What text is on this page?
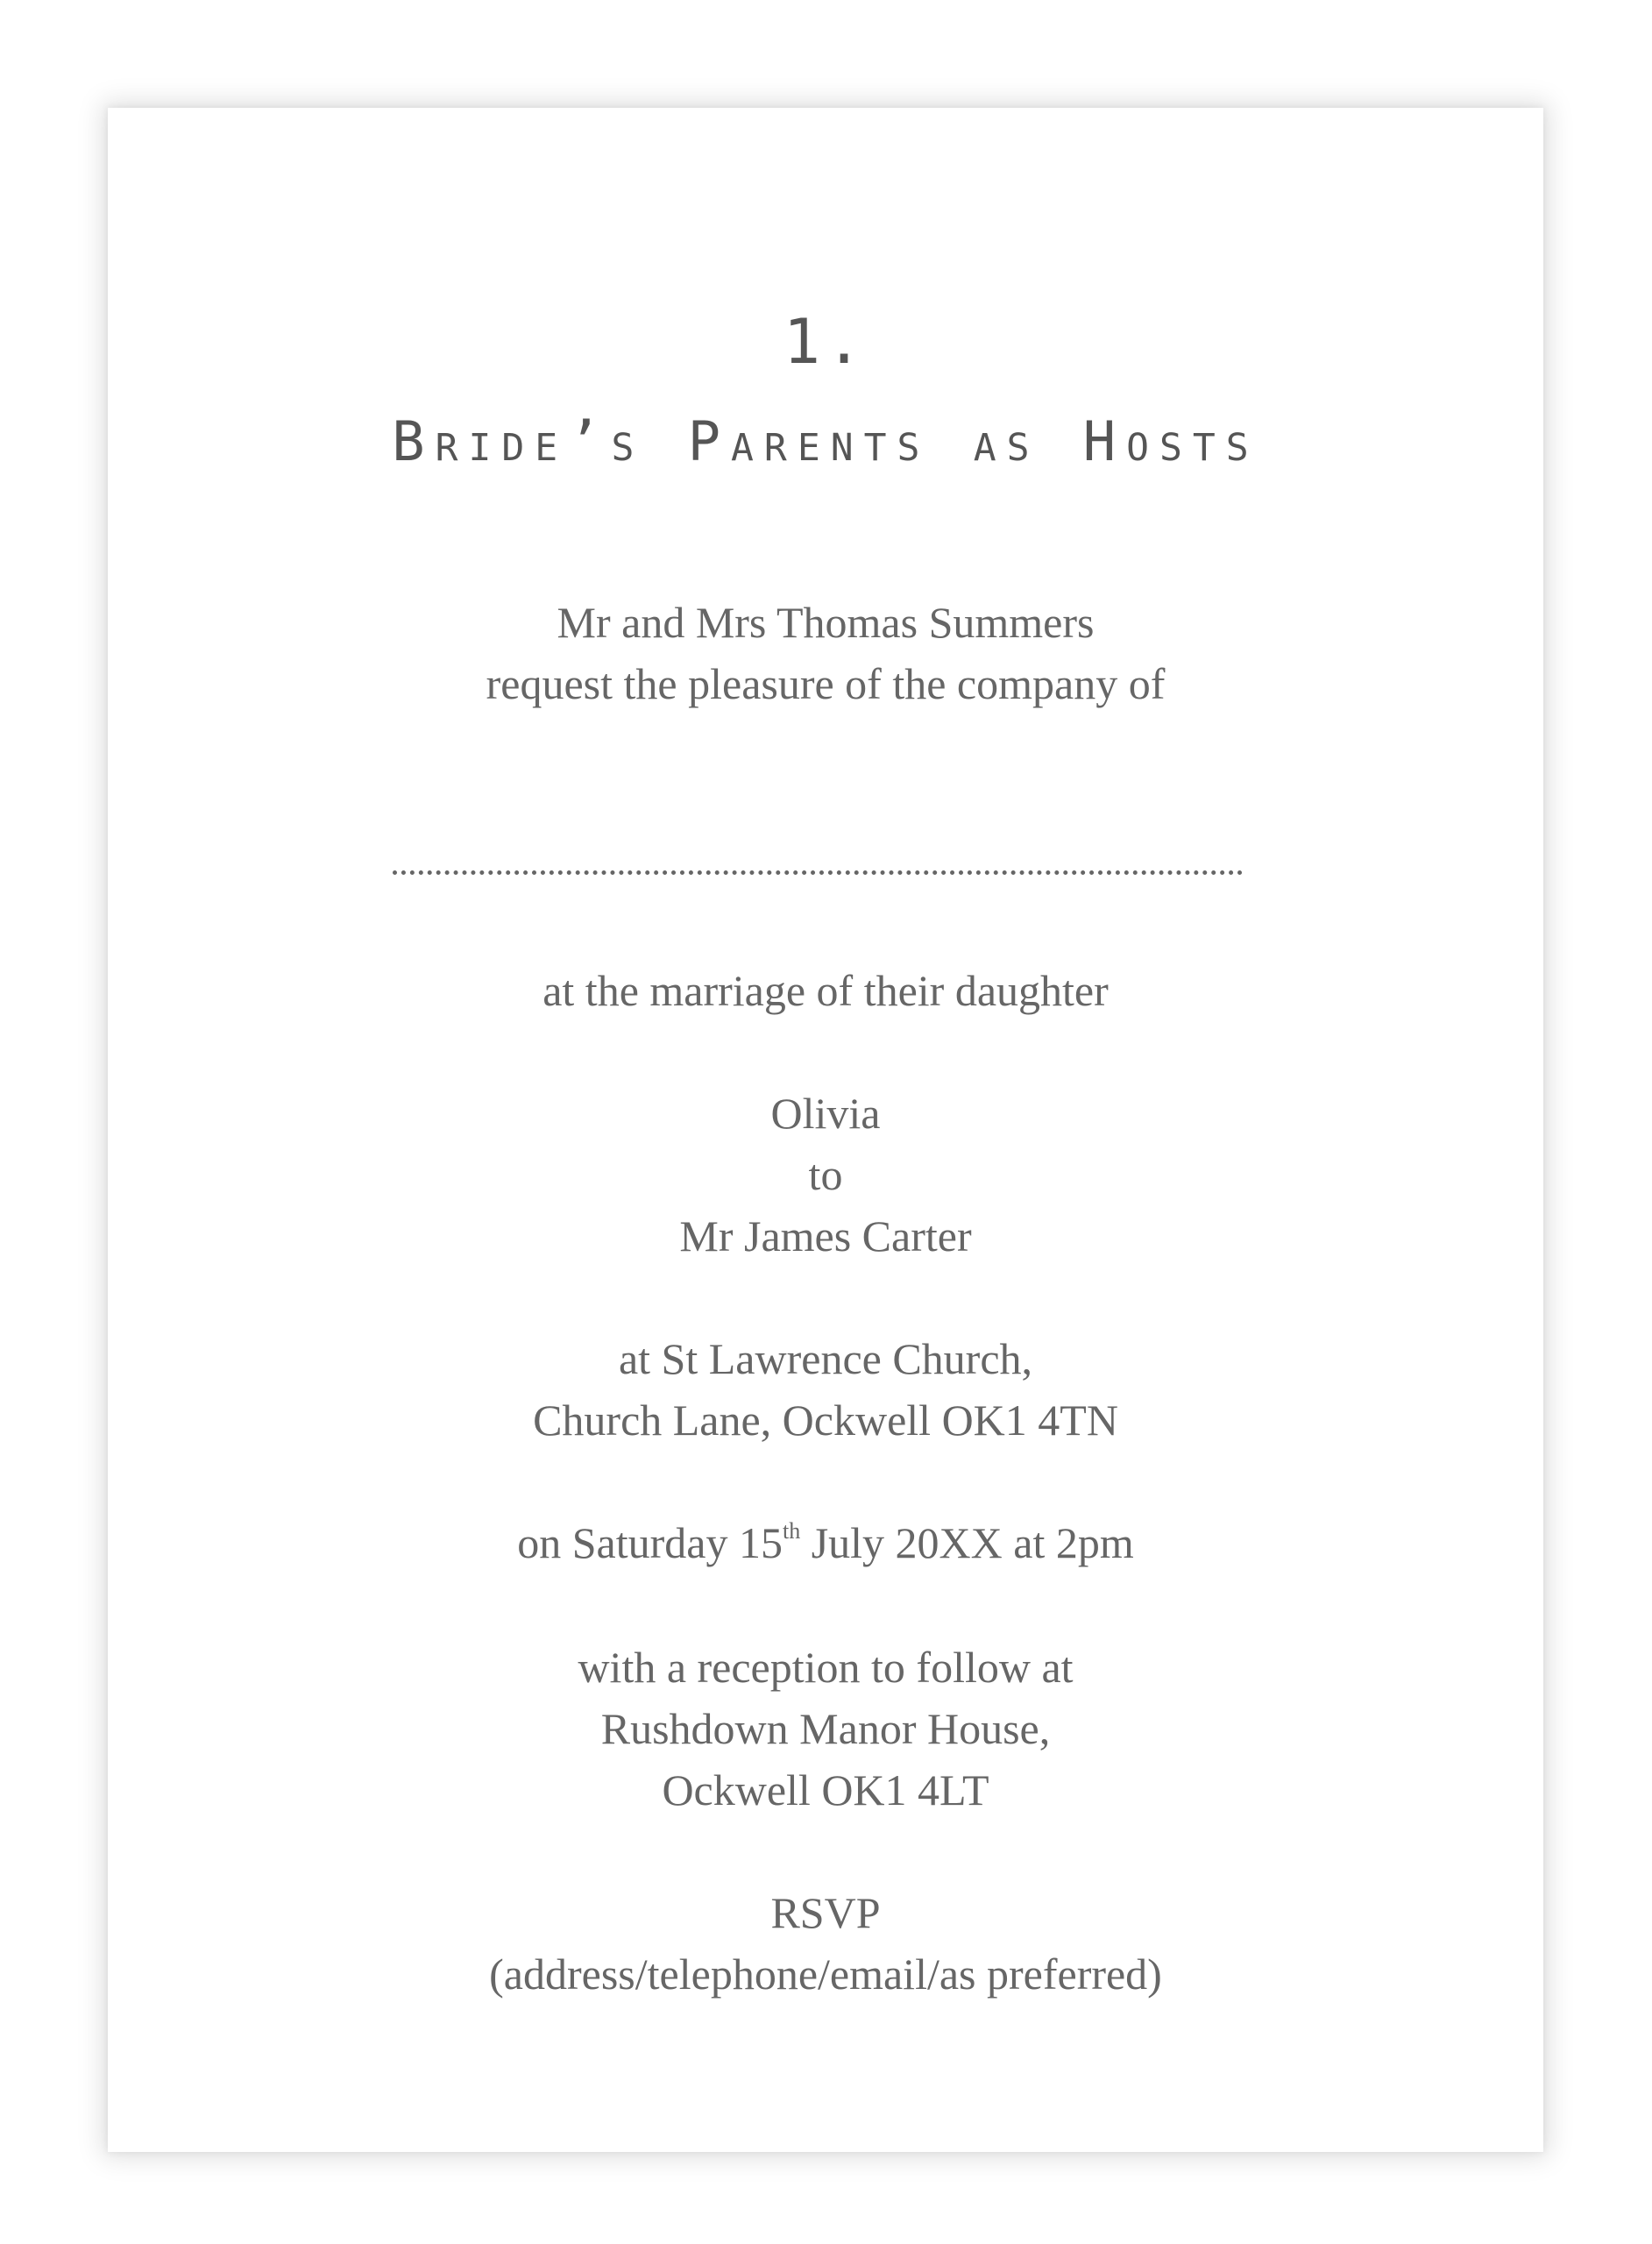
1.
Bride’s Parents as Hosts
Mr and Mrs Thomas Summers
request the pleasure of the company of
at the marriage of their daughter
Olivia
to
Mr James Carter
at St Lawrence Church,
Church Lane, Ockwell OK1 4TN
on Saturday 15th July 20XX at 2pm
with a reception to follow at
Rushdown Manor House,
Ockwell OK1 4LT
RSVP
(address/telephone/email/as preferred)
